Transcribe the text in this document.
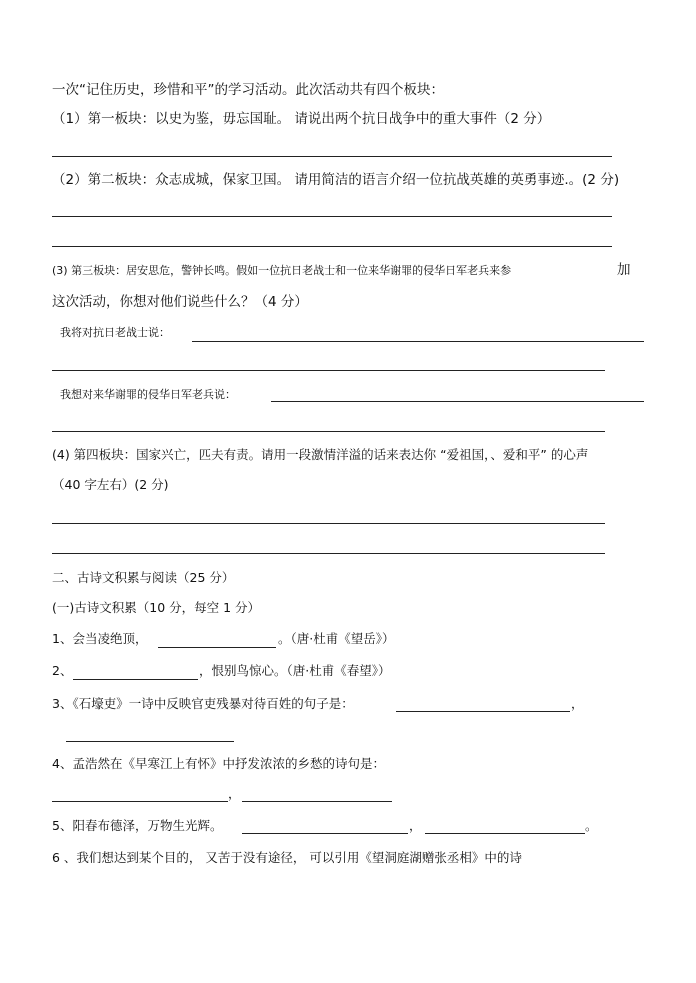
一次“记住历史，珍惜和平”的学习活动。此次活动共有四个板块：
（1）第一板块：以史为鉴，毋忘国耻。 请说出两个抗日战争中的重大事件（2 分）
（2）第二板块：众志成城，保家卫国。 请用简洁的语言介绍一位抗战英雄的英勇事迹.。(2 分)
(3) 第三板块：居安思危，警钟长鸣。假如一位抗日老战士和一位来华谢罪的侵华日军老兵来参	加
这次活动，你想对他们说些什么？（4 分）
我将对抗日老战士说：
我想对来华谢罪的侵华日军老兵说：
(4) 第四板块：国家兴亡，匹夫有责。请用一段激情洋溢的话来表达你 “爱祖国，、爱和平” 的心声
（40 字左右）(2 分)
二、古诗文积累与阅读（25 分）
(一)古诗文积累（10 分，每空 1 分）
1、会当凌绝顶，	。（唐·杜甫《望岳》）
2、	，恨别鸟惊心。（唐·杜甫《春望》）
3、《石壕吏》一诗中反映官吏残暴对待百姓的句子是：	，
4、孟浩然在《早寒江上有怀》中抒发浓浓的乡愁的诗句是：
，
5、阳春布德泽，万物生光辉。	，	。
6 、我们想达到某个目的， 又苦于没有途径， 可以引用《望洞庭湖赠张丞相》中的诗
